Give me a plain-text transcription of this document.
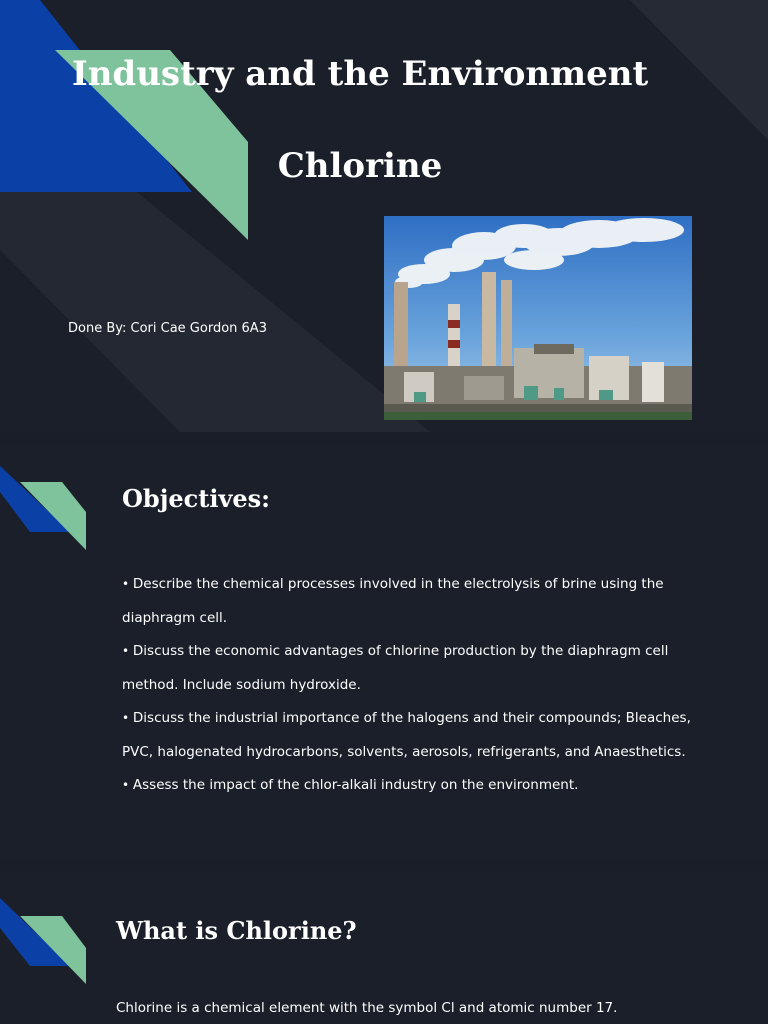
Industry and the Environment
Chlorine
Done By: Cori Cae Gordon 6A3
Objectives:
• Describe the chemical processes involved in the electrolysis of brine using the diaphragm cell.
• Discuss the economic advantages of chlorine production by the diaphragm cell method. Include sodium hydroxide.
• Discuss the industrial importance of the halogens and their compounds; Bleaches, PVC, halogenated hydrocarbons, solvents, aerosols, refrigerants, and Anaesthetics.
• Assess the impact of the chlor-alkali industry on the environment.
What is Chlorine?

Chlorine is a chemical element with the symbol Cl and atomic number 17.
